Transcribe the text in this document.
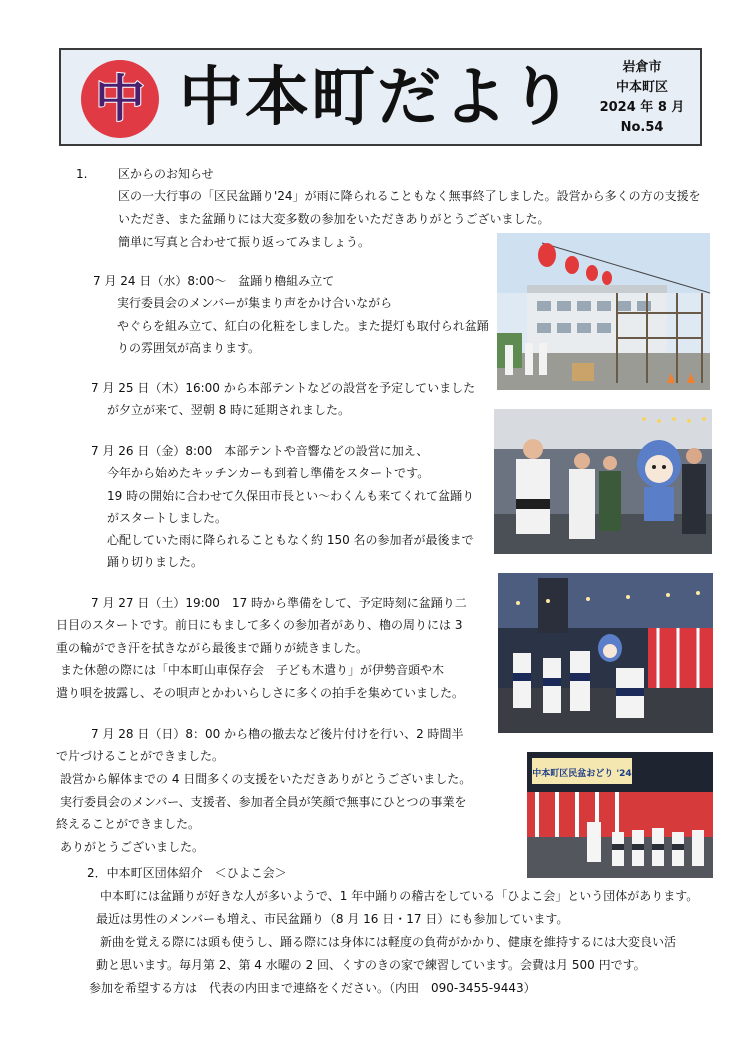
中 中本町だより	岩倉市
中本町区
2024 年 8 月
No.54
1.	区からのお知らせ
区の一大行事の「区民盆踊り'24」が雨に降られることもなく無事終了しました。設営から多くの方の支援を
いただき、また盆踊りには大変多数の参加をいただきありがとうございました。
簡単に写真と合わせて振り返ってみましょう。
7 月 24 日（水）8:00～　盆踊り櫓組み立て
実行委員会のメンバーが集まり声をかけ合いながら
やぐらを組み立て、紅白の化粧をしました。また提灯も取付られ盆踊
りの雰囲気が高まります。
7 月 25 日（木）16:00 から本部テントなどの設営を予定していました
が夕立が来て、翌朝 8 時に延期されました。
7 月 26 日（金）8:00　本部テントや音響などの設営に加え、
今年から始めたキッチンカーも到着し準備をスタートです。
19 時の開始に合わせて久保田市長とい～わくんも来てくれて盆踊り
がスタートしました。
心配していた雨に降られることもなく約 150 名の参加者が最後まで
踊り切りました。
7 月 27 日（土）19:00　17 時から準備をして、予定時刻に盆踊り二
日目のスタートです。前日にもまして多くの参加者があり、櫓の周りには 3
重の輪ができ汗を拭きながら最後まで踊りが続きました。
また休憩の際には「中本町山車保存会　子ども木遣り」が伊勢音頭や木
遣り唄を披露し、その唄声とかわいらしさに多くの拍手を集めていました。
7 月 28 日（日）8：00 から櫓の撤去など後片付けを行い、2 時間半
で片づけることができました。
設営から解体までの 4 日間多くの支援をいただきありがとうございました。
実行委員会のメンバー、支援者、参加者全員が笑顔で無事にひとつの事業を
終えることができました。
ありがとうございました。
2．中本町区団体紹介　＜ひよこ会＞
中本町には盆踊りが好きな人が多いようで、1 年中踊りの稽古をしている「ひよこ会」という団体があります。
最近は男性のメンバーも増え、市民盆踊り（8 月 16 日・17 日）にも参加しています。
新曲を覚える際には頭も使うし、踊る際には身体には軽度の負荷がかかり、健康を維持するには大変良い活
動と思います。毎月第 2、第 4 水曜の 2 回、くすのきの家で練習しています。会費は月 500 円です。
参加を希望する方は　代表の内田まで連絡をください。（内田　090-3455-9443）
中本町区民盆おどり '24
